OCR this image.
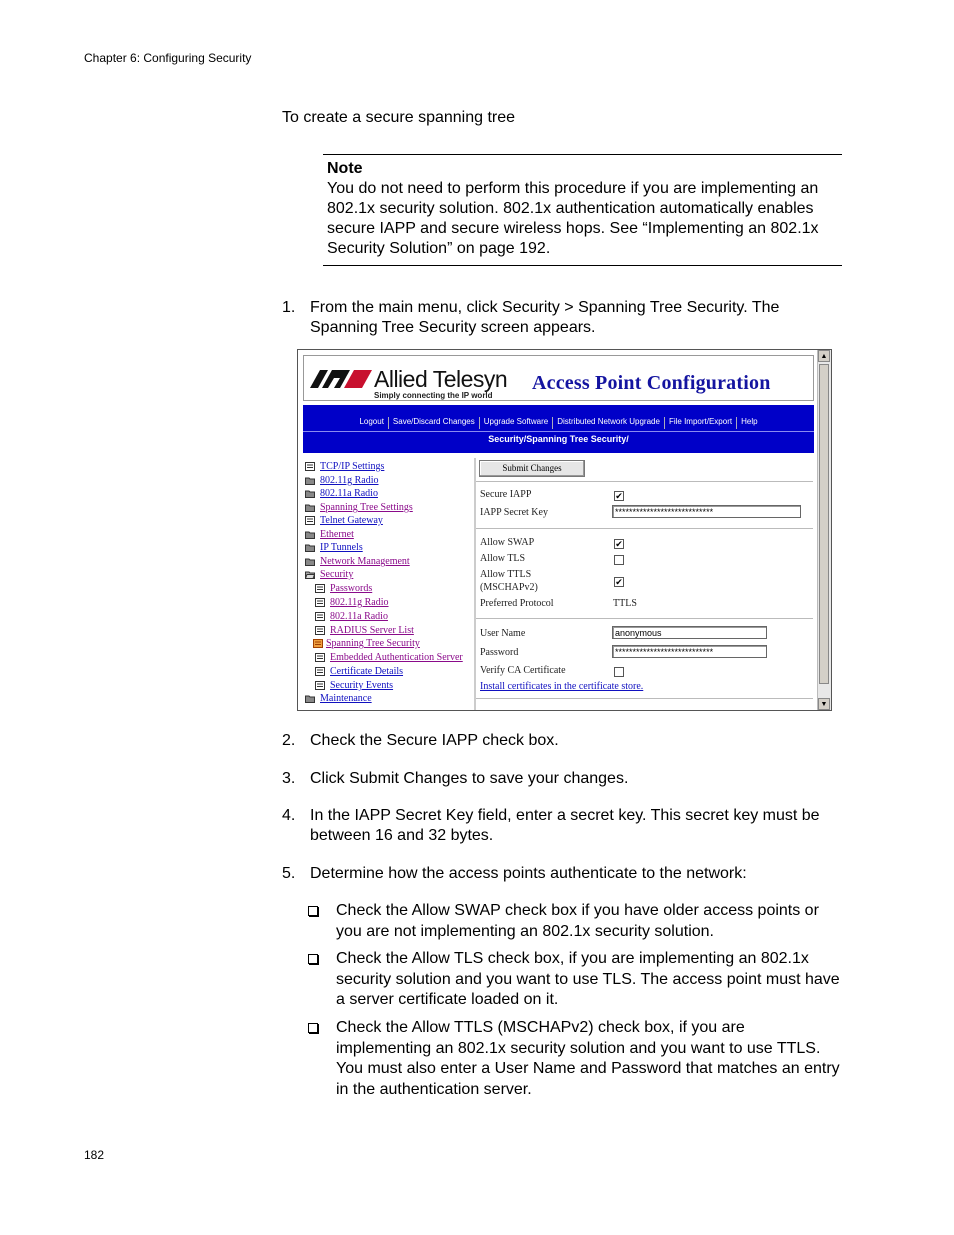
Chapter 6: Configuring Security
To create a secure spanning tree
Note
You do not need to perform this procedure if you are implementing an 802.1x security solution. 802.1x authentication automatically enables secure IAPP and secure wireless hops. See “Implementing an 802.1x Security Solution” on page 192.
1. From the main menu, click Security > Spanning Tree Security. The Spanning Tree Security screen appears.
Allied Telesyn
Simply connecting the IP world
Access Point Configuration
Logout	Save/Discard Changes	Upgrade Software	Distributed Network Upgrade	File Import/Export	Help
Security/Spanning Tree Security/
TCP/IP Settings
802.11g Radio
802.11a Radio
Spanning Tree Settings
Telnet Gateway
Ethernet
IP Tunnels
Network Management
Security
Passwords
802.11g Radio
802.11a Radio
RADIUS Server List
Spanning Tree Security
Embedded Authentication Server
Certificate Details
Security Events
Maintenance
Submit Changes
Secure IAPP	✔
IAPP Secret Key	****************************
Allow SWAP	✔
Allow TLS
Allow TTLS
(MSCHAPv2)	✔
Preferred Protocol	TTLS
User Name	anonymous
Password	****************************
Verify CA Certificate
Install certificates in the certificate store.
▲
▼
2. Check the Secure IAPP check box.
3. Click Submit Changes to save your changes.
4. In the IAPP Secret Key field, enter a secret key. This secret key must be between 16 and 32 bytes.
5. Determine how the access points authenticate to the network:
Check the Allow SWAP check box if you have older access points or you are not implementing an 802.1x security solution.
Check the Allow TLS check box, if you are implementing an 802.1x security solution and you want to use TLS. The access point must have a server certificate loaded on it.
Check the Allow TTLS (MSCHAPv2) check box, if you are implementing an 802.1x security solution and you want to use TTLS. You must also enter a User Name and Password that matches an entry in the authentication server.
182
